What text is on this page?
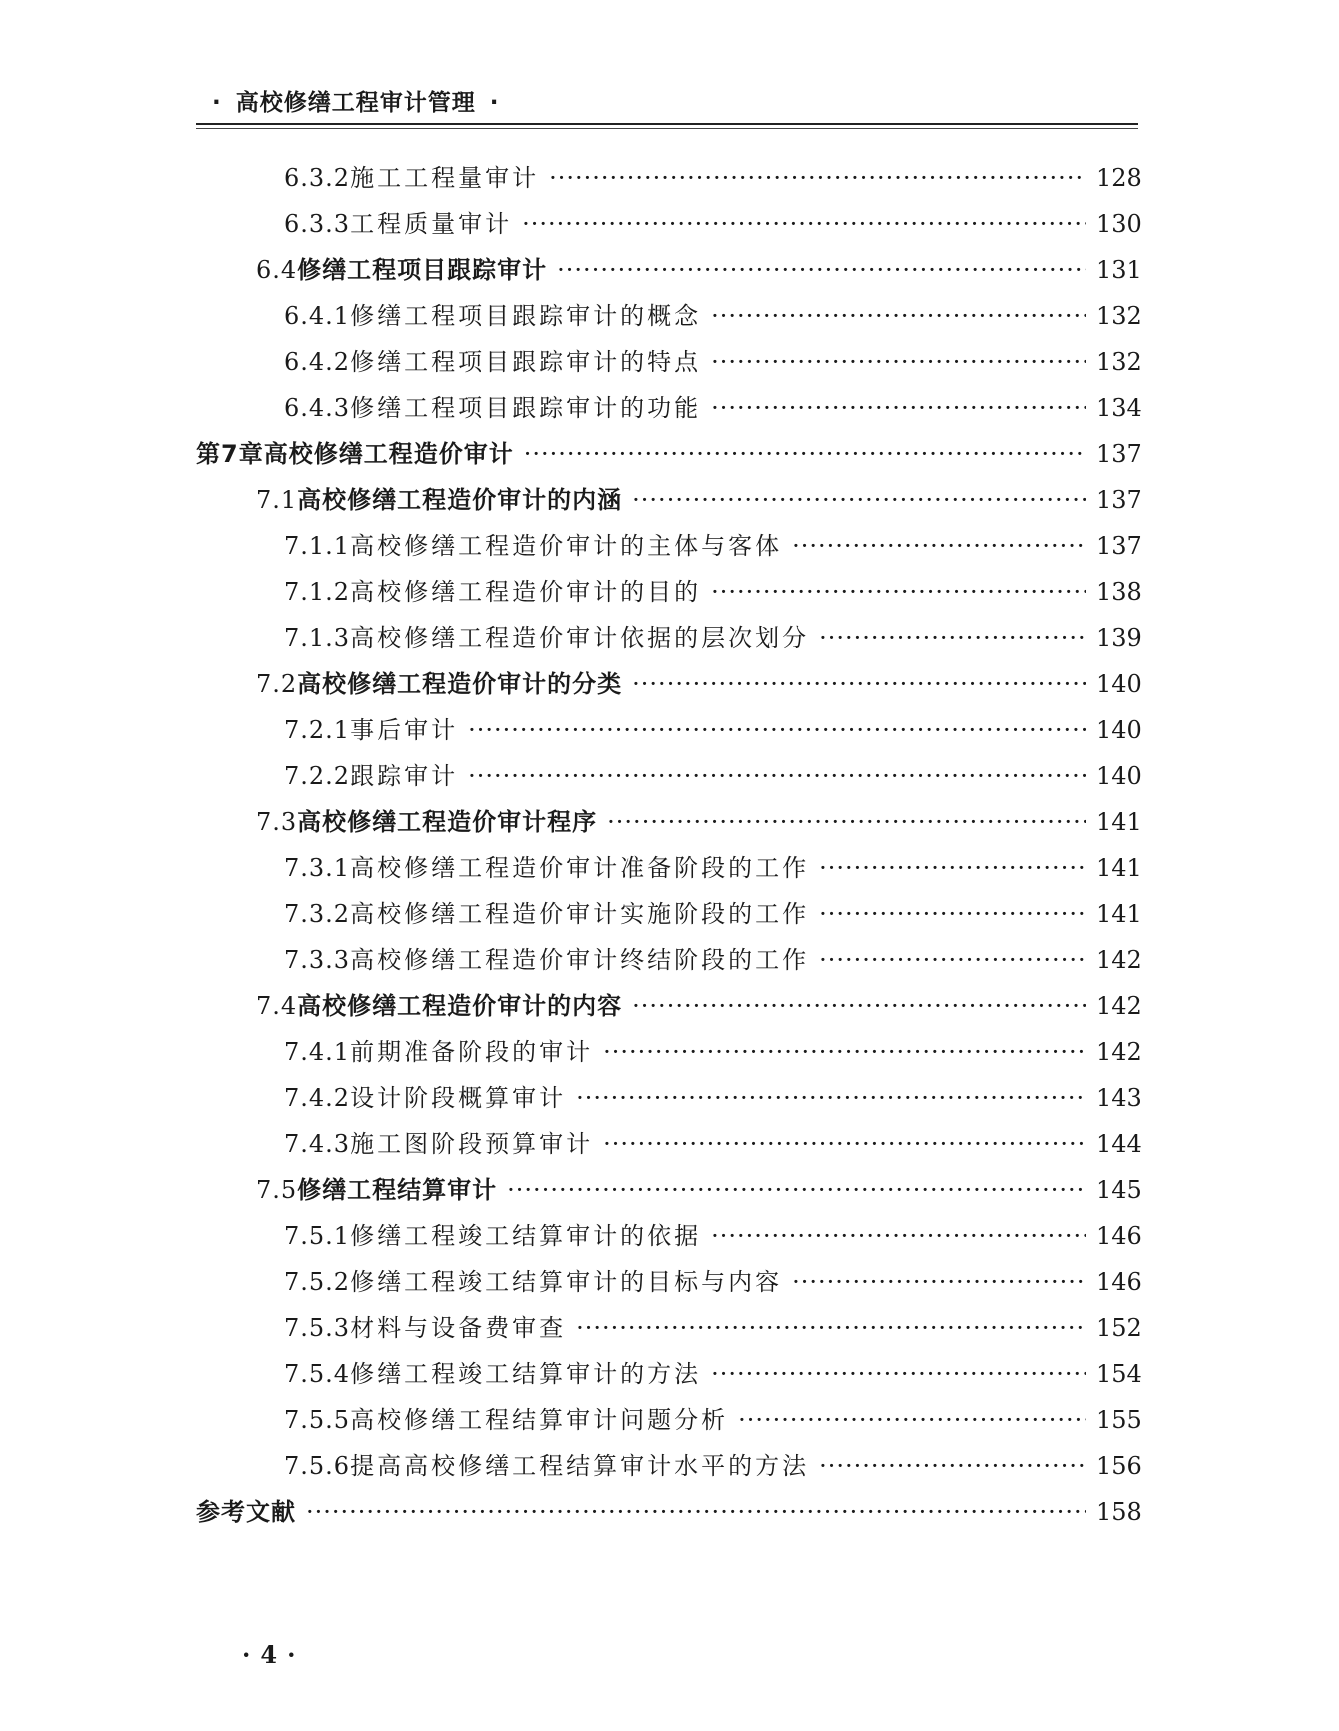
· 高校修缮工程审计管理 ·
6.3.2 施工工程量审计 ·····	128
6.3.3 工程质量审计 ·····	130
6.4 修缮工程项目跟踪审计 ·····	131
6.4.1 修缮工程项目跟踪审计的概念 ·····	132
6.4.2 修缮工程项目跟踪审计的特点 ·····	132
6.4.3 修缮工程项目跟踪审计的功能 ·····	134
第7章 高校修缮工程造价审计 ·····	137
7.1 高校修缮工程造价审计的内涵 ·····	137
7.1.1 高校修缮工程造价审计的主体与客体 ·····	137
7.1.2 高校修缮工程造价审计的目的 ·····	138
7.1.3 高校修缮工程造价审计依据的层次划分 ·····	139
7.2 高校修缮工程造价审计的分类 ·····	140
7.2.1 事后审计 ·····	140
7.2.2 跟踪审计 ·····	140
7.3 高校修缮工程造价审计程序 ·····	141
7.3.1 高校修缮工程造价审计准备阶段的工作 ·····	141
7.3.2 高校修缮工程造价审计实施阶段的工作 ·····	141
7.3.3 高校修缮工程造价审计终结阶段的工作 ·····	142
7.4 高校修缮工程造价审计的内容 ·····	142
7.4.1 前期准备阶段的审计 ·····	142
7.4.2 设计阶段概算审计 ·····	143
7.4.3 施工图阶段预算审计 ·····	144
7.5 修缮工程结算审计 ·····	145
7.5.1 修缮工程竣工结算审计的依据 ·····	146
7.5.2 修缮工程竣工结算审计的目标与内容 ·····	146
7.5.3 材料与设备费审查 ·····	152
7.5.4 修缮工程竣工结算审计的方法 ·····	154
7.5.5 高校修缮工程结算审计问题分析 ·····	155
7.5.6 提高高校修缮工程结算审计水平的方法 ·····	156
参考文献 ·····	158
· 4 ·
